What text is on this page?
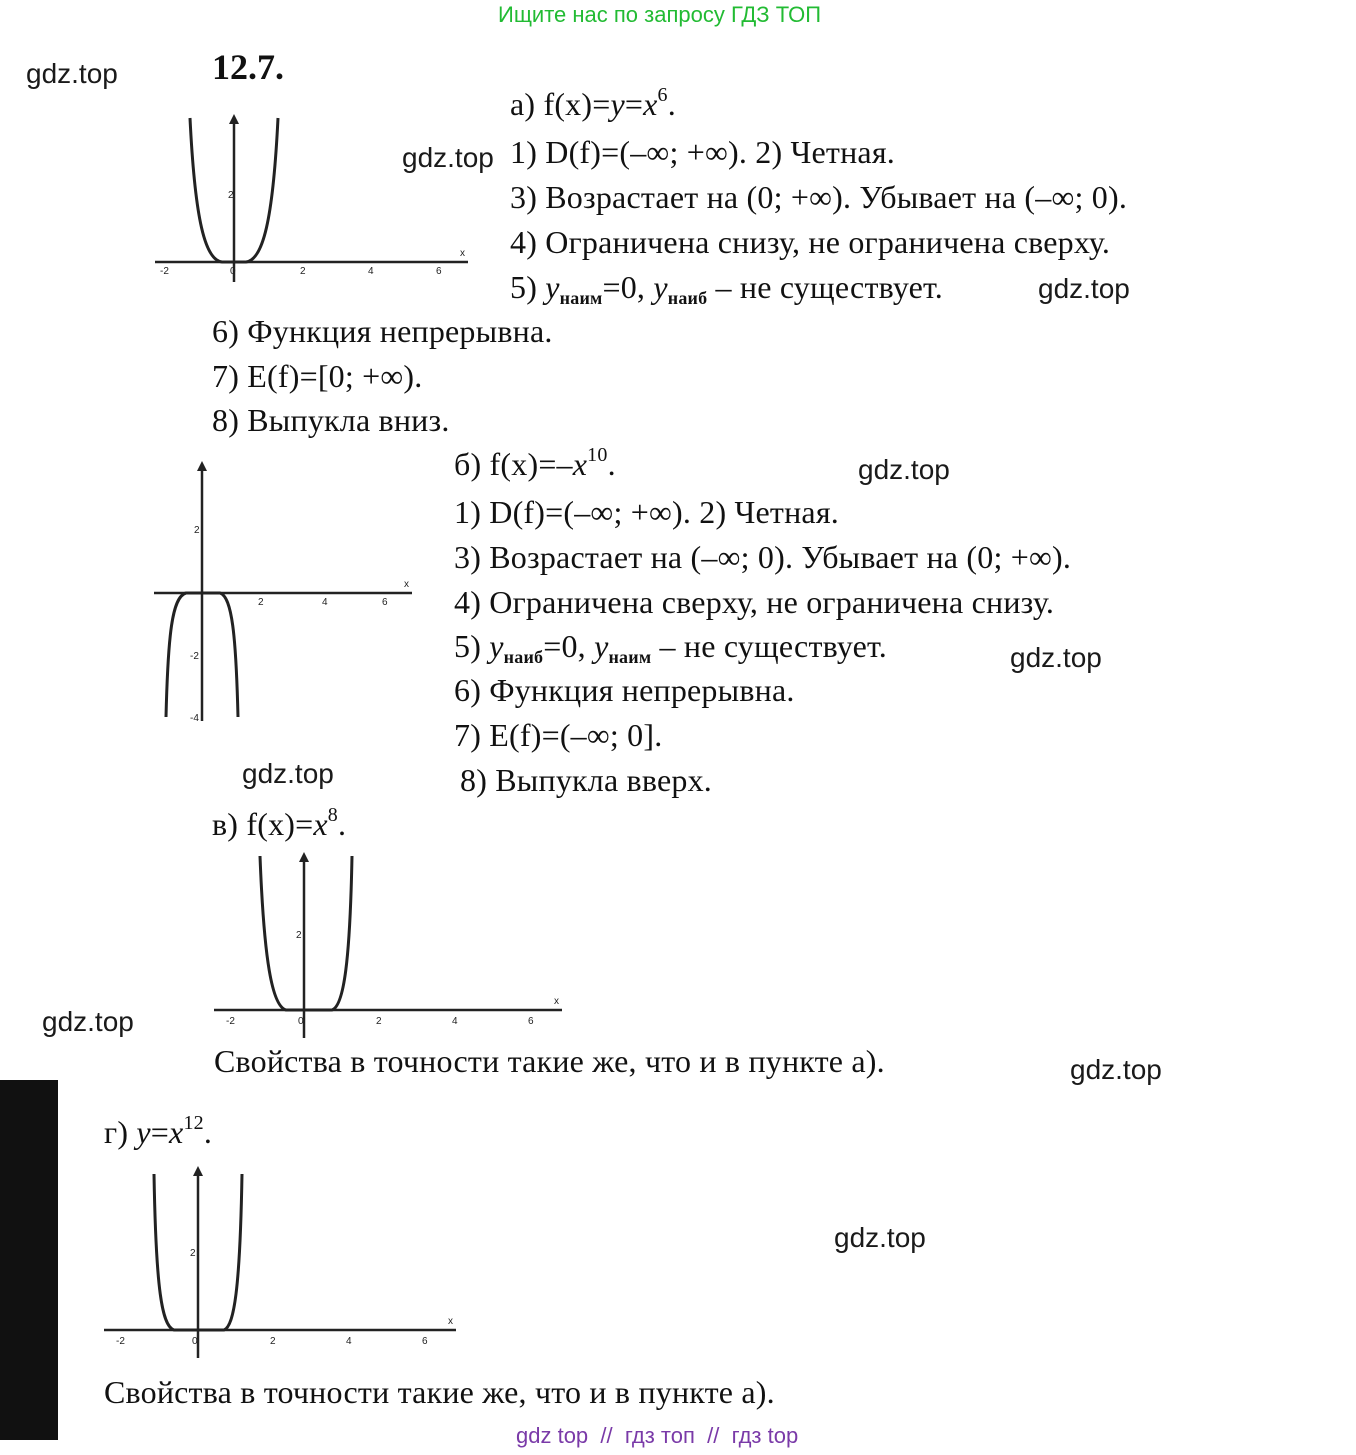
Ищите нас по запросу ГДЗ ТОП
gdz.top
gdz.top
gdz.top
gdz.top
gdz.top
gdz.top
gdz.top
gdz.top
gdz.top
12.7.
а) $f(x)=y=x^6$.
1) D(f)=(–∞; +∞). 2) Четная.
3) Возрастает на (0; +∞). Убывает на (–∞; 0).
4) Ограничена снизу, не ограничена сверху.
5) $y_{наим}=0$, $y_{наиб}$ – не существует.
6) Функция непрерывна.
7) E(f)=[0; +∞).
8) Выпукла вниз.
-2	0	2	4	6
2
x
б) $f(x)=-x^{10}$.
1) D(f)=(–∞; +∞). 2) Четная.
3) Возрастает на (–∞; 0). Убывает на (0; +∞).
4) Ограничена сверху, не ограничена снизу.
5) $y_{наиб}=0$, $y_{наим}$ – не существует.
6) Функция непрерывна.
7) E(f)=(–∞; 0].
8) Выпукла вверх.
2	4	6
2
-2
-4
x
в) $f(x)=x^8$.
-2	0	2	4	6
2
x
Свойства в точности такие же, что и в пункте а).
г) $y=x^{12}$.
-2	0	2	4	6
2
x
Свойства в точности такие же, что и в пункте а).
gdz top  //  гдз топ  //  гдз top
